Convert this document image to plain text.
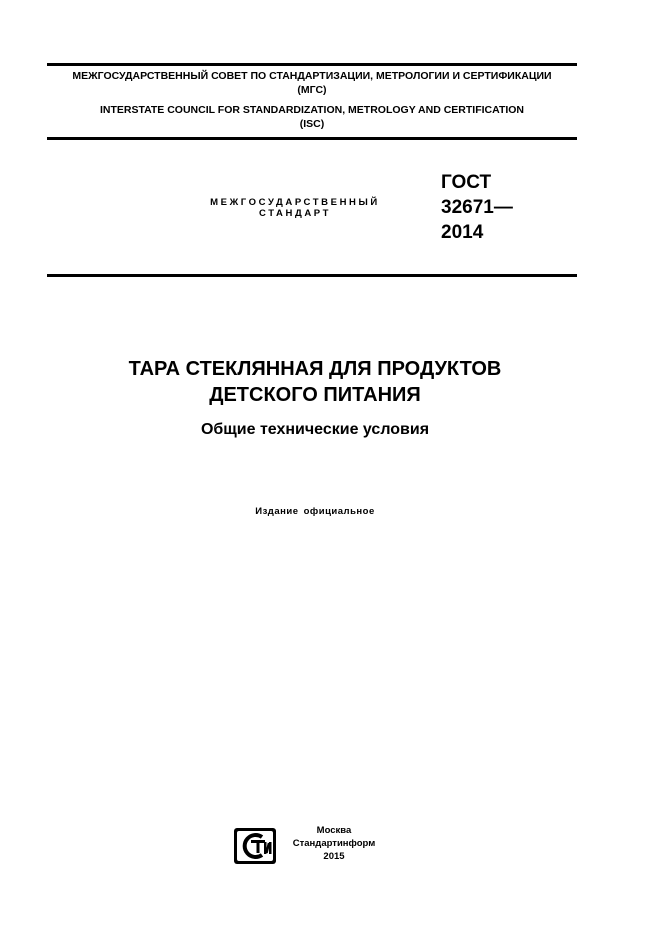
МЕЖГОСУДАРСТВЕННЫЙ СОВЕТ ПО СТАНДАРТИЗАЦИИ, МЕТРОЛОГИИ И СЕРТИФИКАЦИИ
(МГС)
INTERSTATE COUNCIL FOR STANDARDIZATION, METROLOGY AND CERTIFICATION
(ISC)
МЕЖГОСУДАРСТВЕННЫЙ
СТАНДАРТ
ГОСТ
32671—
2014
ТАРА СТЕКЛЯННАЯ ДЛЯ ПРОДУКТОВ
ДЕТСКОГО ПИТАНИЯ
Общие технические условия
Издание официальное
Москва
Стандартинформ
2015
